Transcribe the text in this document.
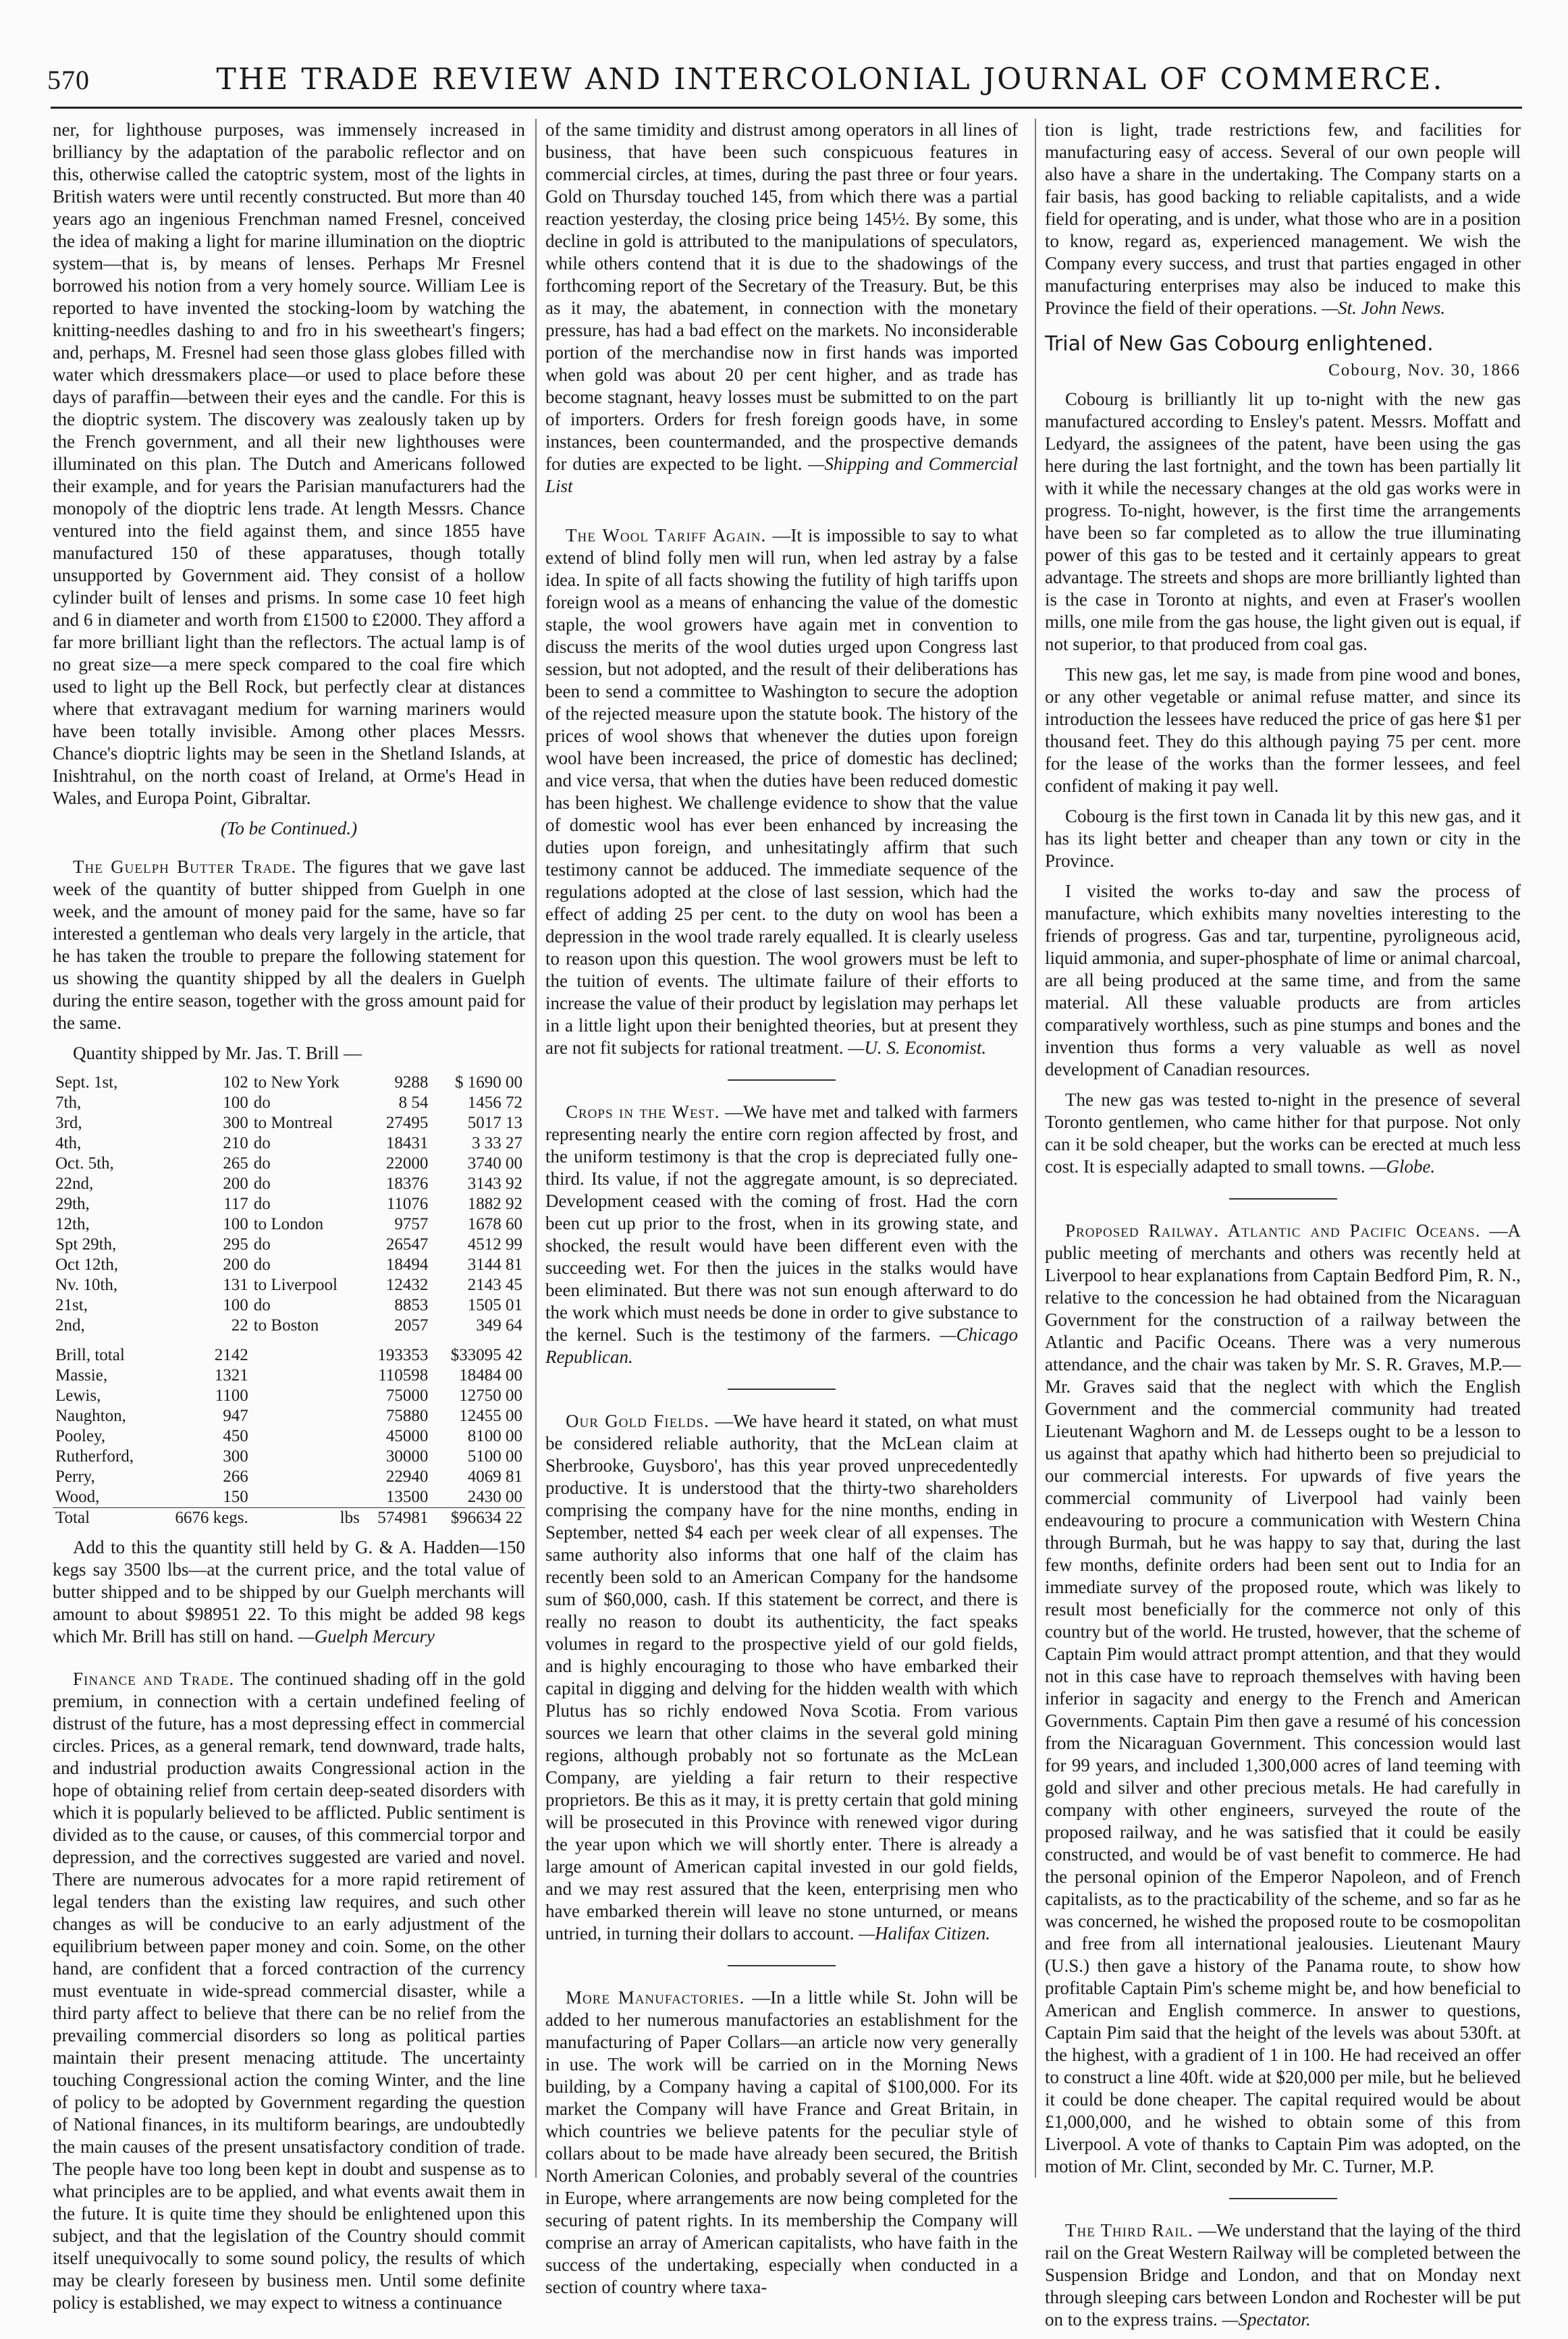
570	THE TRADE REVIEW AND INTERCOLONIAL JOURNAL OF COMMERCE.

ner, for lighthouse purposes, was immensely increased in brilliancy by the adaptation of the parabolic reflector and on this, otherwise called the catoptric system, most of the lights in British waters were until recently constructed. But more than 40 years ago an ingenious Frenchman named Fresnel, conceived the idea of making a light for marine illumination on the dioptric system—that is, by means of lenses. Perhaps Mr Fresnel borrowed his notion from a very homely source. William Lee is reported to have invented the stocking-loom by watching the knitting-needles dashing to and fro in his sweetheart's fingers; and, perhaps, M. Fresnel had seen those glass globes filled with water which dressmakers place—or used to place before these days of paraffin—between their eyes and the candle. For this is the dioptric system. The discovery was zealously taken up by the French government, and all their new lighthouses were illuminated on this plan. The Dutch and Americans followed their example, and for years the Parisian manufacturers had the monopoly of the dioptric lens trade. At length Messrs. Chance ventured into the field against them, and since 1855 have manufactured 150 of these apparatuses, though totally unsupported by Government aid. They consist of a hollow cylinder built of lenses and prisms. In some case 10 feet high and 6 in diameter and worth from £1500 to £2000. They afford a far more brilliant light than the reflectors. The actual lamp is of no great size—a mere speck compared to the coal fire which used to light up the Bell Rock, but perfectly clear at distances where that extravagant medium for warning mariners would have been totally invisible. Among other places Messrs. Chance's dioptric lights may be seen in the Shetland Islands, at Inishtrahul, on the north coast of Ireland, at Orme's Head in Wales, and Europa Point, Gibraltar.

(To be Continued.)

The Guelph Butter Trade. The figures that we gave last week of the quantity of butter shipped from Guelph in one week, and the amount of money paid for the same, have so far interested a gentleman who deals very largely in the article, that he has taken the trouble to prepare the following statement for us showing the quantity shipped by all the dealers in Guelph during the entire season, together with the gross amount paid for the same.

Quantity shipped by Mr. Jas. T. Brill —

Sept. 1st,	102	to New York	9288	$ 1690 00
7th,	100	do	8 54	1456 72
3rd,	300	to Montreal	27495	5017 13
4th,	210	do	18431	3 33 27
Oct. 5th,	265	do	22000	3740 00
22nd,	200	do	18376	3143 92
29th,	117	do	11076	1882 92
12th,	100	to London	9757	1678 60
Spt 29th,	295	do	26547	4512 99
Oct 12th,	200	do	18494	3144 81
Nv. 10th,	131	to Liverpool	12432	2143 45
21st,	100	do	8853	1505 01
2nd,	22	to Boston	2057	349 64

Brill, total	2142		193353	$33095 42
Massie,	1321		110598	18484 00
Lewis,	1100		75000	12750 00
Naughton,	947		75880	12455 00
Pooley,	450		45000	8100 00
Rutherford,	300		30000	5100 00
Perry,	266		22940	4069 81
Wood,	150		13500	2430 00
Total	6676 kegs.	lbs	574981	$96634 22

Add to this the quantity still held by G. & A. Hadden—150 kegs say 3500 lbs—at the current price, and the total value of butter shipped and to be shipped by our Guelph merchants will amount to about $98951 22. To this might be added 98 kegs which Mr. Brill has still on hand. —Guelph Mercury

Finance and Trade. The continued shading off in the gold premium, in connection with a certain undefined feeling of distrust of the future, has a most depressing effect in commercial circles. Prices, as a general remark, tend downward, trade halts, and industrial production awaits Congressional action in the hope of obtaining relief from certain deep-seated disorders with which it is popularly believed to be afflicted. Public sentiment is divided as to the cause, or causes, of this commercial torpor and depression, and the correctives suggested are varied and novel. There are numerous advocates for a more rapid retirement of legal tenders than the existing law requires, and such other changes as will be conducive to an early adjustment of the equilibrium between paper money and coin. Some, on the other hand, are confident that a forced contraction of the currency must eventuate in wide-spread commercial disaster, while a third party affect to believe that there can be no relief from the prevailing commercial disorders so long as political parties maintain their present menacing attitude. The uncertainty touching Congressional action the coming Winter, and the line of policy to be adopted by Government regarding the question of National finances, in its multiform bearings, are undoubtedly the main causes of the present unsatisfactory condition of trade. The people have too long been kept in doubt and suspense as to what principles are to be applied, and what events await them in the future. It is quite time they should be enlightened upon this subject, and that the legislation of the Country should commit itself unequivocally to some sound policy, the results of which may be clearly foreseen by business men. Until some definite policy is established, we may expect to witness a continuance

of the same timidity and distrust among operators in all lines of business, that have been such conspicuous features in commercial circles, at times, during the past three or four years. Gold on Thursday touched 145, from which there was a partial reaction yesterday, the closing price being 145½. By some, this decline in gold is attributed to the manipulations of speculators, while others contend that it is due to the shadowings of the forthcoming report of the Secretary of the Treasury. But, be this as it may, the abatement, in connection with the monetary pressure, has had a bad effect on the markets. No inconsiderable portion of the merchandise now in first hands was imported when gold was about 20 per cent higher, and as trade has become stagnant, heavy losses must be submitted to on the part of importers. Orders for fresh foreign goods have, in some instances, been countermanded, and the prospective demands for duties are expected to be light. —Shipping and Commercial List

The Wool Tariff Again. —It is impossible to say to what extend of blind folly men will run, when led astray by a false idea. In spite of all facts showing the futility of high tariffs upon foreign wool as a means of enhancing the value of the domestic staple, the wool growers have again met in convention to discuss the merits of the wool duties urged upon Congress last session, but not adopted, and the result of their deliberations has been to send a committee to Washington to secure the adoption of the rejected measure upon the statute book. The history of the prices of wool shows that whenever the duties upon foreign wool have been increased, the price of domestic has declined; and vice versa, that when the duties have been reduced domestic has been highest. We challenge evidence to show that the value of domestic wool has ever been enhanced by increasing the duties upon foreign, and unhesitatingly affirm that such testimony cannot be adduced. The immediate sequence of the regulations adopted at the close of last session, which had the effect of adding 25 per cent. to the duty on wool has been a depression in the wool trade rarely equalled. It is clearly useless to reason upon this question. The wool growers must be left to the tuition of events. The ultimate failure of their efforts to increase the value of their product by legislation may perhaps let in a little light upon their benighted theories, but at present they are not fit subjects for rational treatment. —U. S. Economist.

Crops in the West. —We have met and talked with farmers representing nearly the entire corn region affected by frost, and the uniform testimony is that the crop is depreciated fully one-third. Its value, if not the aggregate amount, is so depreciated. Development ceased with the coming of frost. Had the corn been cut up prior to the frost, when in its growing state, and shocked, the result would have been different even with the succeeding wet. For then the juices in the stalks would have been eliminated. But there was not sun enough afterward to do the work which must needs be done in order to give substance to the kernel. Such is the testimony of the farmers. —Chicago Republican.

Our Gold Fields. —We have heard it stated, on what must be considered reliable authority, that the McLean claim at Sherbrooke, Guysboro', has this year proved unprecedentedly productive. It is understood that the thirty-two shareholders comprising the company have for the nine months, ending in September, netted $4 each per week clear of all expenses. The same authority also informs that one half of the claim has recently been sold to an American Company for the handsome sum of $60,000, cash. If this statement be correct, and there is really no reason to doubt its authenticity, the fact speaks volumes in regard to the prospective yield of our gold fields, and is highly encouraging to those who have embarked their capital in digging and delving for the hidden wealth with which Plutus has so richly endowed Nova Scotia. From various sources we learn that other claims in the several gold mining regions, although probably not so fortunate as the McLean Company, are yielding a fair return to their respective proprietors. Be this as it may, it is pretty certain that gold mining will be prosecuted in this Province with renewed vigor during the year upon which we will shortly enter. There is already a large amount of American capital invested in our gold fields, and we may rest assured that the keen, enterprising men who have embarked therein will leave no stone unturned, or means untried, in turning their dollars to account. —Halifax Citizen.

More Manufactories. —In a little while St. John will be added to her numerous manufactories an establishment for the manufacturing of Paper Collars—an article now very generally in use. The work will be carried on in the Morning News building, by a Company having a capital of $100,000. For its market the Company will have France and Great Britain, in which countries we believe patents for the peculiar style of collars about to be made have already been secured, the British North American Colonies, and probably several of the countries in Europe, where arrangements are now being completed for the securing of patent rights. In its membership the Company will comprise an array of American capitalists, who have faith in the success of the undertaking, especially when conducted in a section of country where taxa-

tion is light, trade restrictions few, and facilities for manufacturing easy of access. Several of our own people will also have a share in the undertaking. The Company starts on a fair basis, has good backing to reliable capitalists, and a wide field for operating, and is under, what those who are in a position to know, regard as, experienced management. We wish the Company every success, and trust that parties engaged in other manufacturing enterprises may also be induced to make this Province the field of their operations. —St. John News.

Trial of New Gas Cobourg enlightened.

Cobourg, Nov. 30, 1866

Cobourg is brilliantly lit up to-night with the new gas manufactured according to Ensley's patent. Messrs. Moffatt and Ledyard, the assignees of the patent, have been using the gas here during the last fortnight, and the town has been partially lit with it while the necessary changes at the old gas works were in progress. To-night, however, is the first time the arrangements have been so far completed as to allow the true illuminating power of this gas to be tested and it certainly appears to great advantage. The streets and shops are more brilliantly lighted than is the case in Toronto at nights, and even at Fraser's woollen mills, one mile from the gas house, the light given out is equal, if not superior, to that produced from coal gas.

This new gas, let me say, is made from pine wood and bones, or any other vegetable or animal refuse matter, and since its introduction the lessees have reduced the price of gas here $1 per thousand feet. They do this although paying 75 per cent. more for the lease of the works than the former lessees, and feel confident of making it pay well.

Cobourg is the first town in Canada lit by this new gas, and it has its light better and cheaper than any town or city in the Province.

I visited the works to-day and saw the process of manufacture, which exhibits many novelties interesting to the friends of progress. Gas and tar, turpentine, pyroligneous acid, liquid ammonia, and super-phosphate of lime or animal charcoal, are all being produced at the same time, and from the same material. All these valuable products are from articles comparatively worthless, such as pine stumps and bones and the invention thus forms a very valuable as well as novel development of Canadian resources.

The new gas was tested to-night in the presence of several Toronto gentlemen, who came hither for that purpose. Not only can it be sold cheaper, but the works can be erected at much less cost. It is especially adapted to small towns. —Globe.

Proposed Railway. Atlantic and Pacific Oceans. —A public meeting of merchants and others was recently held at Liverpool to hear explanations from Captain Bedford Pim, R. N., relative to the concession he had obtained from the Nicaraguan Government for the construction of a railway between the Atlantic and Pacific Oceans. There was a very numerous attendance, and the chair was taken by Mr. S. R. Graves, M.P.—Mr. Graves said that the neglect with which the English Government and the commercial community had treated Lieutenant Waghorn and M. de Lesseps ought to be a lesson to us against that apathy which had hitherto been so prejudicial to our commercial interests. For upwards of five years the commercial community of Liverpool had vainly been endeavouring to procure a communication with Western China through Burmah, but he was happy to say that, during the last few months, definite orders had been sent out to India for an immediate survey of the proposed route, which was likely to result most beneficially for the commerce not only of this country but of the world. He trusted, however, that the scheme of Captain Pim would attract prompt attention, and that they would not in this case have to reproach themselves with having been inferior in sagacity and energy to the French and American Governments. Captain Pim then gave a resumé of his concession from the Nicaraguan Government. This concession would last for 99 years, and included 1,300,000 acres of land teeming with gold and silver and other precious metals. He had carefully in company with other engineers, surveyed the route of the proposed railway, and he was satisfied that it could be easily constructed, and would be of vast benefit to commerce. He had the personal opinion of the Emperor Napoleon, and of French capitalists, as to the practicability of the scheme, and so far as he was concerned, he wished the proposed route to be cosmopolitan and free from all international jealousies. Lieutenant Maury (U.S.) then gave a history of the Panama route, to show how profitable Captain Pim's scheme might be, and how beneficial to American and English commerce. In answer to questions, Captain Pim said that the height of the levels was about 530ft. at the highest, with a gradient of 1 in 100. He had received an offer to construct a line 40ft. wide at $20,000 per mile, but he believed it could be done cheaper. The capital required would be about £1,000,000, and he wished to obtain some of this from Liverpool. A vote of thanks to Captain Pim was adopted, on the motion of Mr. Clint, seconded by Mr. C. Turner, M.P.

The Third Rail. —We understand that the laying of the third rail on the Great Western Railway will be completed between the Suspension Bridge and London, and that on Monday next through sleeping cars between London and Rochester will be put on to the express trains. —Spectator.
